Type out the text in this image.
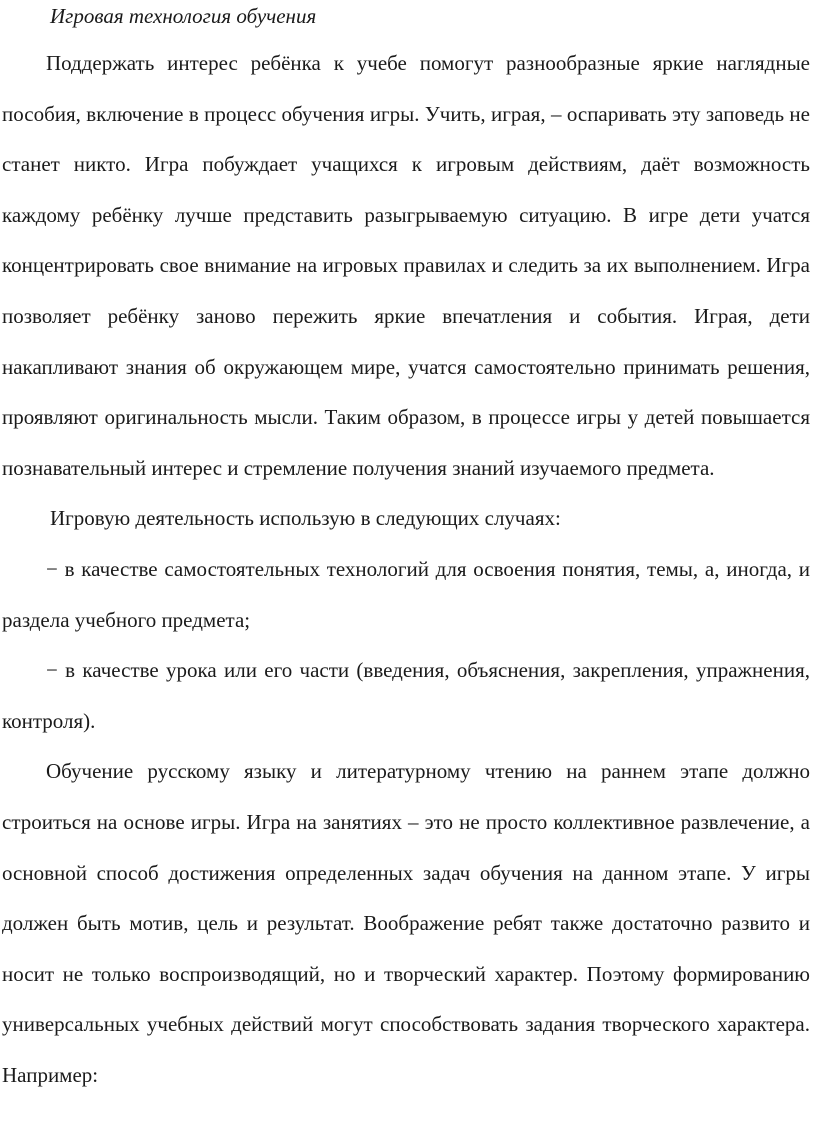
Игровая технология обучения

Поддержать интерес ребёнка к учебе помогут разнообразные яркие наглядные пособия, включение в процесс обучения игры. Учить, играя, – оспаривать эту заповедь не станет никто. Игра побуждает учащихся к игровым действиям, даёт возможность каждому ребёнку лучше представить разыгрываемую ситуацию. В игре дети учатся концентрировать свое внимание на игровых правилах и следить за их выполнением. Игра позволяет ребёнку заново пережить яркие впечатления и события. Играя, дети накапливают знания об окружающем мире, учатся самостоятельно принимать решения, проявляют оригинальность мысли. Таким образом, в процессе игры у детей повышается познавательный интерес и стремление получения знаний изучаемого предмета.

Игровую деятельность использую в следующих случаях:

− в качестве самостоятельных технологий для освоения понятия, темы, а, иногда, и раздела учебного предмета;

− в качестве урока или его части (введения, объяснения, закрепления, упражнения, контроля).

Обучение русскому языку и литературному чтению на раннем этапе должно строиться на основе игры. Игра на занятиях – это не просто коллективное развлечение, а основной способ достижения определенных задач обучения на данном этапе. У игры должен быть мотив, цель и результат. Воображение ребят также достаточно развито и носит не только воспроизводящий, но и творческий характер. Поэтому формированию универсальных учебных действий могут способствовать задания творческого характера. Например:
